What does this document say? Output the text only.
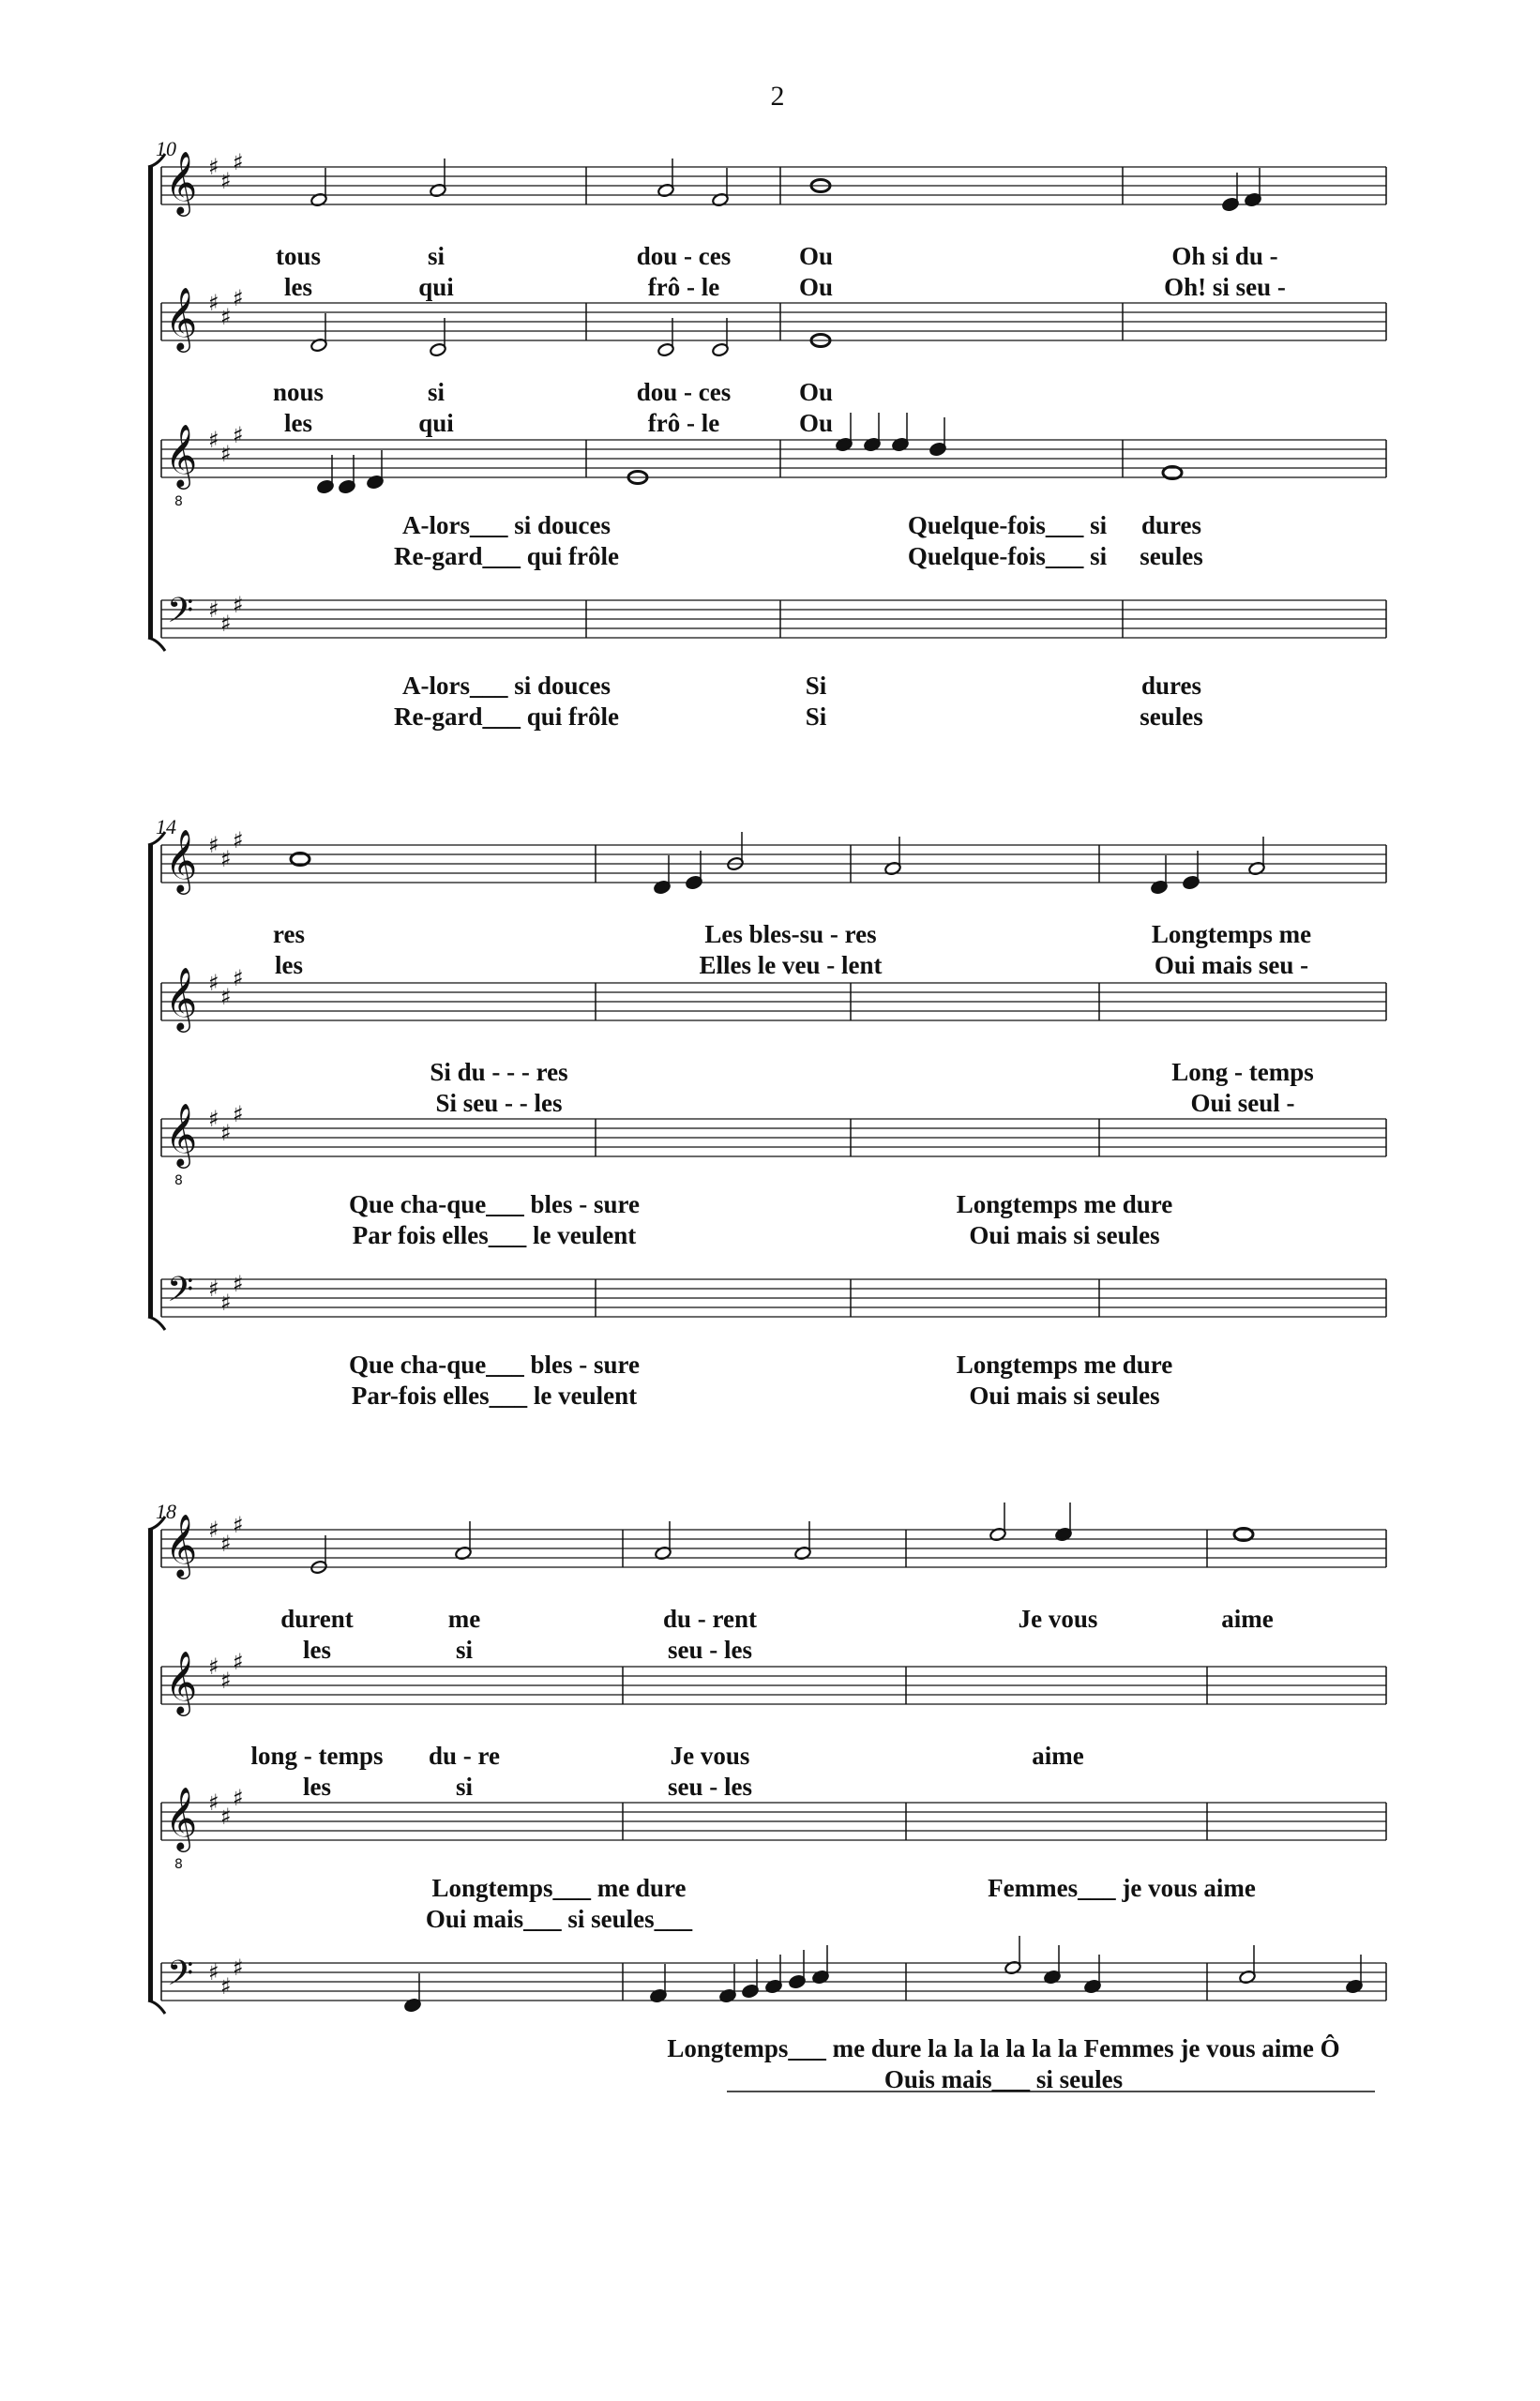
2
10
𝄞 ♯
♯
♯
tous	si	dou - ces	Ou	Oh si du -
les	qui	frô - le	Ou	Oh! si seu -
𝄞 ♯
♯
♯
nous	si	dou - ces	Ou
les	qui	frô - le	Ou
𝄞
8
♯
♯
♯
A-lors___ si douces	Quelque-fois___ si dures
Re-gard___ qui frôle	Quelque-fois___ si seules
𝄢 ♯
♯
♯
A-lors___ si douces	Si	dures
Re-gard___ qui frôle	Si	seules
14
𝄞 ♯
♯
♯
res	Les bles-su - res	Longtemps me
les	Elles le veu - lent	Oui mais seu -
𝄞 ♯
♯
♯
Si du - - - res	Long - temps
Si seu - - les	Oui seul -
𝄞
8
♯
♯
♯
Que cha-que___ bles - sure	Longtemps me dure
Par fois elles___ le veulent	Oui mais si seules
𝄢 ♯
♯
♯
Que cha-que___ bles - sure	Longtemps me dure
Par-fois elles___ le veulent	Oui mais si seules
18
𝄞 ♯
♯
♯
durent	me	du - rent	Je vous	aime
les	si	seu - les
𝄞 ♯
♯
♯
long - temps du - re	Je vous	aime
les	si	seu - les
𝄞
8
♯
♯
♯
Longtemps___ me dure	Femmes___ je vous aime
Oui mais___ si seules___
𝄢 ♯
♯
♯
Longtemps___ me dure la la la la la la Femmes je vous aime Ô
Ouis mais___ si seules
